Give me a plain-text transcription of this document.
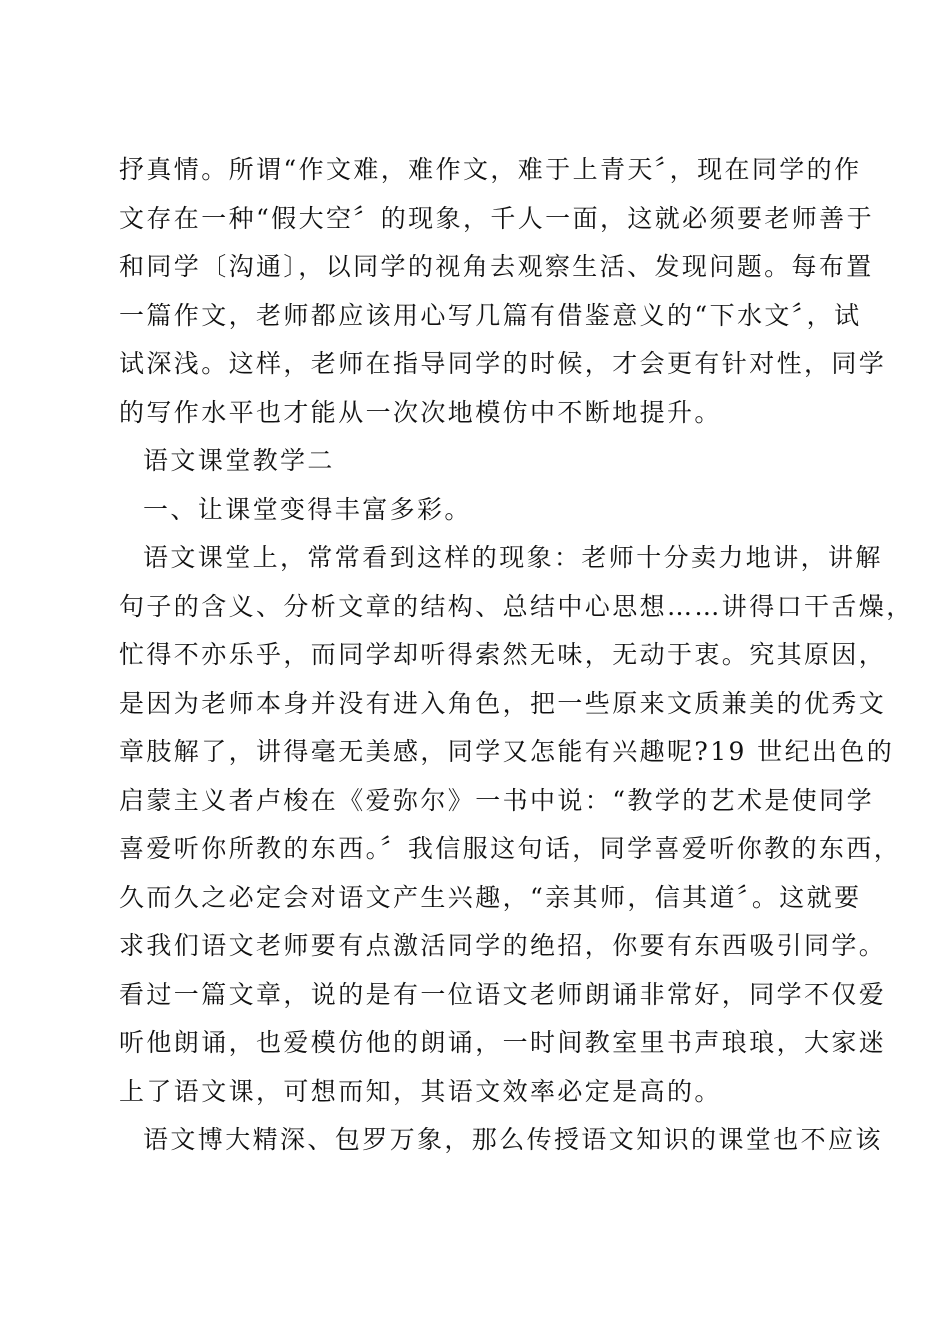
抒真情。所谓“作文难，难作文，难于上青天〞，现在同学的作
文存在一种“假大空〞的现象，千人一面，这就必须要老师善于
和同学〔沟通〕，以同学的视角去观察生活、发现问题。每布置
一篇作文，老师都应该用心写几篇有借鉴意义的“下水文〞，试
试深浅。这样，老师在指导同学的时候，才会更有针对性，同学
的写作水平也才能从一次次地模仿中不断地提升。
语文课堂教学二
一、让课堂变得丰富多彩。
语文课堂上，常常看到这样的现象：老师十分卖力地讲，讲解
句子的含义、分析文章的结构、总结中心思想……讲得口干舌燥，
忙得不亦乐乎，而同学却听得索然无味，无动于衷。究其原因，
是因为老师本身并没有进入角色，把一些原来文质兼美的优秀文
章肢解了，讲得毫无美感，同学又怎能有兴趣呢?19 世纪出色的
启蒙主义者卢梭在《爱弥尔》一书中说：“教学的艺术是使同学
喜爱听你所教的东西。〞我信服这句话，同学喜爱听你教的东西，
久而久之必定会对语文产生兴趣，“亲其师，信其道〞。这就要
求我们语文老师要有点激活同学的绝招，你要有东西吸引同学。
看过一篇文章，说的是有一位语文老师朗诵非常好，同学不仅爱
听他朗诵，也爱模仿他的朗诵，一时间教室里书声琅琅，大家迷
上了语文课，可想而知，其语文效率必定是高的。
语文博大精深、包罗万象，那么传授语文知识的课堂也不应该
